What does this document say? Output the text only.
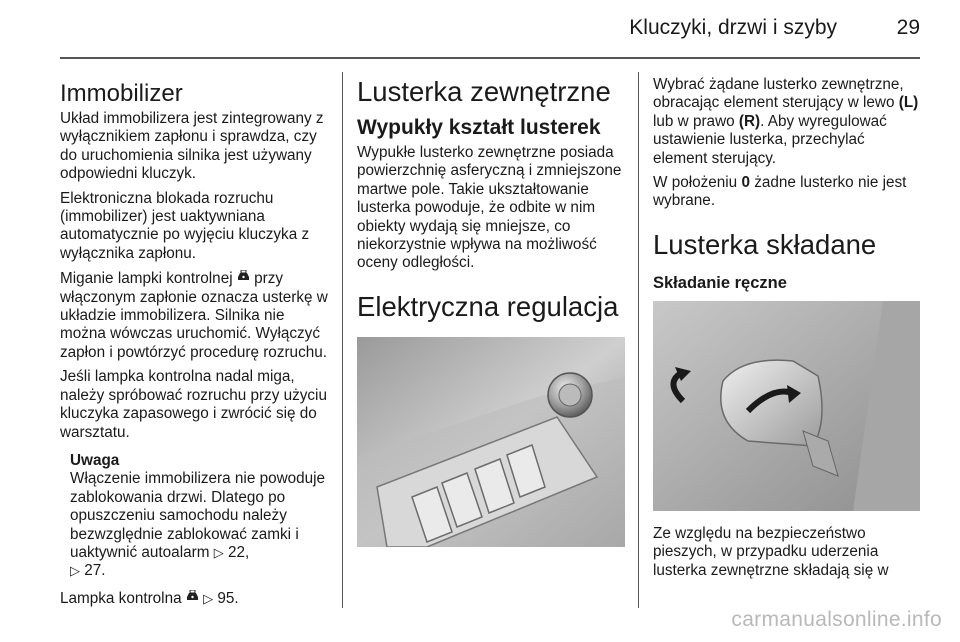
Kluczyki, drzwi i szyby	29
Immobilizer

Układ immobilizera jest zintegrowany z wyłącznikiem zapłonu i sprawdza, czy do uruchomienia silnika jest używany odpowiedni kluczyk.

Elektroniczna blokada rozruchu (immobilizer) jest uaktywniana automatycznie po wyjęciu kluczyka z wyłącznika zapłonu.

Miganie lampki kontrolnej przy włączonym zapłonie oznacza usterkę w układzie immobilizera. Silnika nie można wówczas uruchomić. Wyłączyć zapłon i powtórzyć procedurę rozruchu.

Jeśli lampka kontrolna nadal miga, należy spróbować rozruchu przy użyciu kluczyka zapasowego i zwrócić się do warsztatu.

Uwaga
Włączenie immobilizera nie powoduje zablokowania drzwi. Dlatego po opuszczeniu samochodu należy bezwzględnie zablokować zamki i uaktywnić autoalarm ▷ 22,
▷ 27.

Lampka kontrolna ▷ 95.

Lusterka zewnętrzne
Wypukły kształt lusterek

Wypukłe lusterko zewnętrzne posiada powierzchnię asferyczną i zmniejszone martwe pole. Takie ukształtowanie lusterka powoduje, że odbite w nim obiekty wydają się mniejsze, co niekorzystnie wpływa na możliwość oceny odległości.

Elektryczna regulacja

Wybrać żądane lusterko zewnętrzne, obracając element sterujący w lewo (L) lub w prawo (R). Aby wyregulować ustawienie lusterka, przechylać element sterujący.

W położeniu 0 żadne lusterko nie jest wybrane.

Lusterka składane
Składanie ręczne

Ze względu na bezpieczeństwo pieszych, w przypadku uderzenia lusterka zewnętrzne składają się w

carmanualsonline.info
